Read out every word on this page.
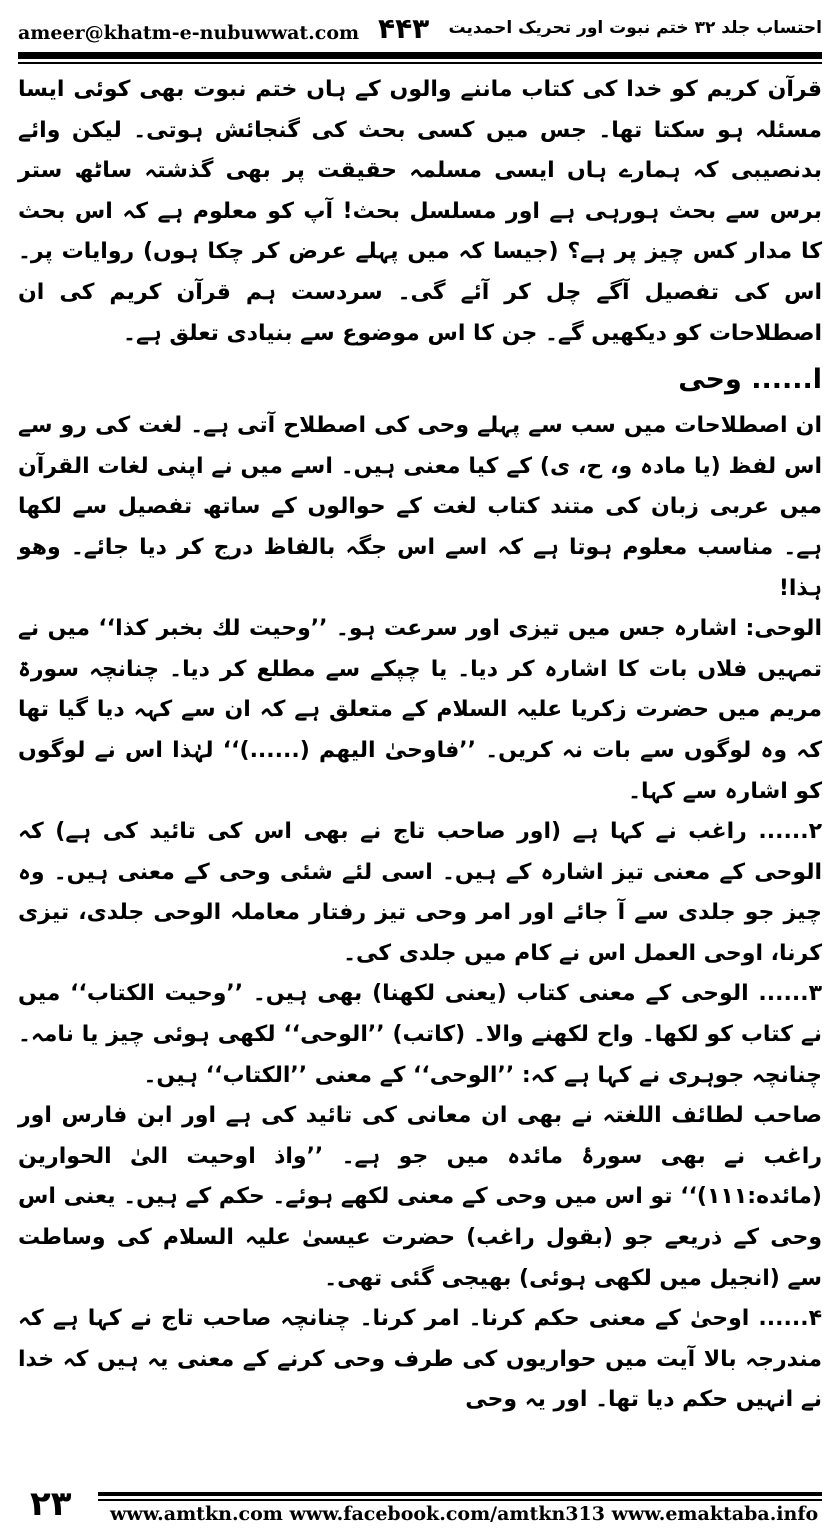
ameer@khatm-e-nubuwwat.com ۴۴۳ احتساب جلد ۳۲ ختم نبوت اور تحریک احمدیت

قرآن کریم کو خدا کی کتاب ماننے والوں کے ہاں ختم نبوت بھی کوئی ایسا مسئلہ ہو سکتا تھا۔ جس میں کسی بحث کی گنجائش ہوتی۔ لیکن وائے بدنصیبی کہ ہمارے ہاں ایسی مسلمہ حقیقت پر بھی گذشتہ ساٹھ ستر برس سے بحث ہورہی ہے اور مسلسل بحث! آپ کو معلوم ہے کہ اس بحث کا مدار کس چیز پر ہے؟ (جیسا کہ میں پہلے عرض کر چکا ہوں) روایات پر۔ اس کی تفصیل آگے چل کر آئے گی۔ سردست ہم قرآن کریم کی ان اصطلاحات کو دیکھیں گے۔ جن کا اس موضوع سے بنیادی تعلق ہے۔

ا...... وحی

ان اصطلاحات میں سب سے پہلے وحی کی اصطلاح آتی ہے۔ لغت کی رو سے اس لفظ (یا مادہ و، ح، ی) کے کیا معنی ہیں۔ اسے میں نے اپنی لغات القرآن میں عربی زبان کی متند کتاب لغت کے حوالوں کے ساتھ تفصیل سے لکھا ہے۔ مناسب معلوم ہوتا ہے کہ اسے اس جگہ بالفاظ درج کر دیا جائے۔ وھو ہذا!

الوحی: اشارہ جس میں تیزی اور سرعت ہو۔ ’’وحیت لك بخبر كذا‘‘ میں نے تمہیں فلاں بات کا اشارہ کر دیا۔ یا چپکے سے مطلع کر دیا۔ چنانچہ سورۃ مریم میں حضرت زکریا علیہ السلام کے متعلق ہے کہ ان سے کہہ دیا گیا تھا کہ وہ لوگوں سے بات نہ کریں۔ ’’فاوحیٰ الیهم (......)‘‘ لہٰذا اس نے لوگوں کو اشارہ سے کہا۔

۲...... راغب نے کہا ہے (اور صاحب تاج نے بھی اس کی تائید کی ہے) کہ الوحی کے معنی تیز اشارہ کے ہیں۔ اسی لئے شئی وحی کے معنی ہیں۔ وہ چیز جو جلدی سے آ جائے اور امر وحی تیز رفتار معاملہ الوحی جلدی، تیزی کرنا، اوحی العمل اس نے کام میں جلدی کی۔

۳...... الوحی کے معنی کتاب (یعنی لکھنا) بھی ہیں۔ ’’وحیت الكتاب‘‘ میں نے کتاب کو لکھا۔ واح لکھنے والا۔ (کاتب) ’’الوحی‘‘ لکھی ہوئی چیز یا نامہ۔ چنانچہ جوہری نے کہا ہے کہ: ’’الوحی‘‘ کے معنی ’’الكتاب‘‘ ہیں۔

صاحب لطائف اللغتہ نے بھی ان معانی کی تائید کی ہے اور ابن فارس اور راغب نے بھی سورۂ مائدہ میں جو ہے۔ ’’واذ اوحيت الىٰ الحوارين (مائده:۱۱۱)‘‘ تو اس میں وحی کے معنی لکھے ہوئے۔ حکم کے ہیں۔ یعنی اس وحی کے ذریعے جو (بقول راغب) حضرت عیسیٰ علیہ السلام کی وساطت سے (انجیل میں لکھی ہوئی) بھیجی گئی تھی۔

۴...... اوحیٰ کے معنی حکم کرنا۔ امر کرنا۔ چنانچہ صاحب تاج نے کہا ہے کہ مندرجہ بالا آیت میں حواریوں کی طرف وحی کرنے کے معنی یہ ہیں کہ خدا نے انہیں حکم دیا تھا۔ اور یہ وحی

۲۳ www.amtkn.com www.facebook.com/amtkn313 www.emaktaba.info
